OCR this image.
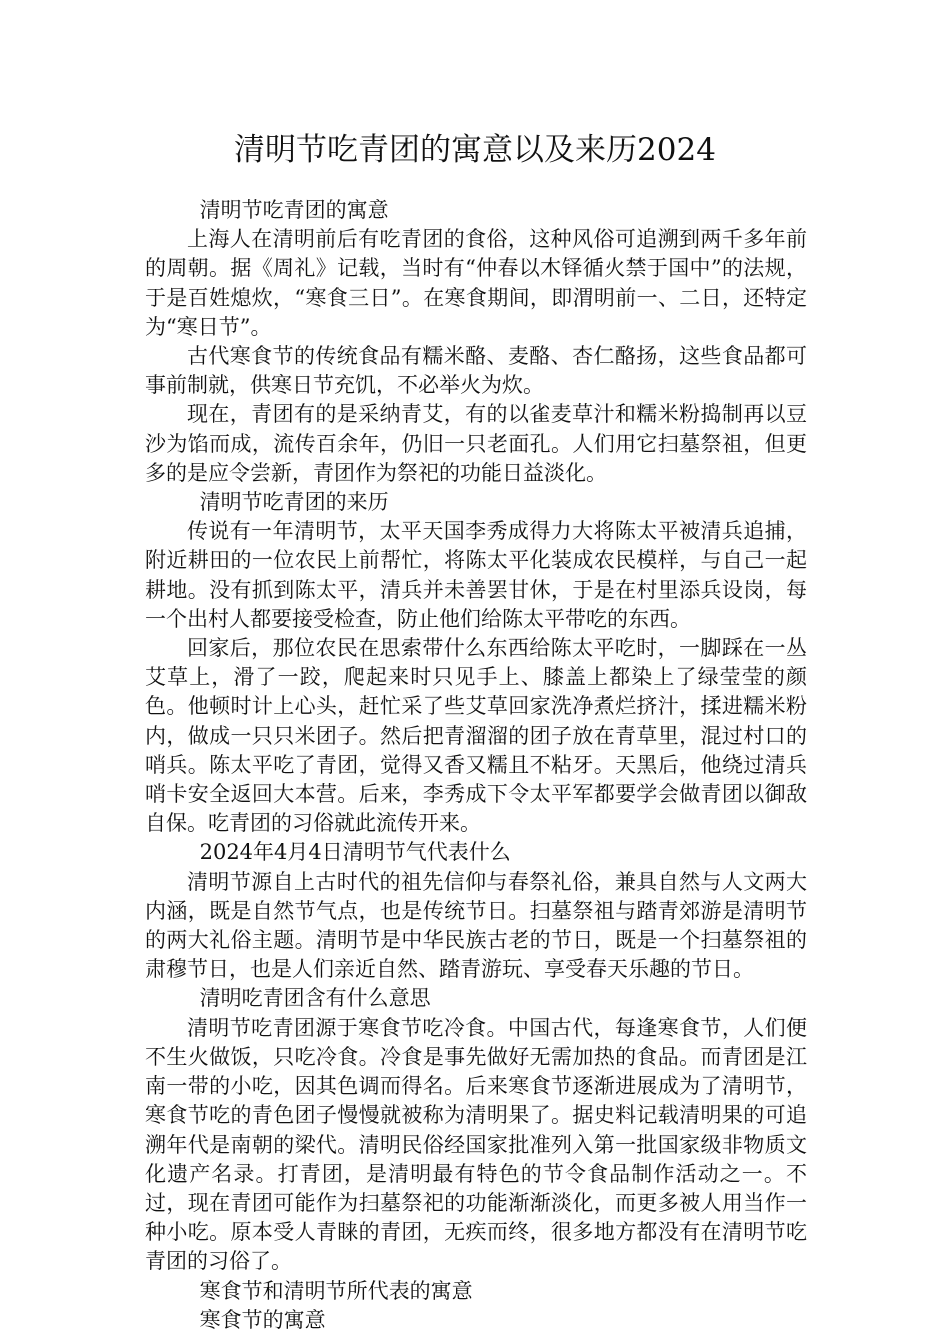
清明节吃青团的寓意以及来历2024

清明节吃青团的寓意

上海人在清明前后有吃青团的食俗，这种风俗可追溯到两千多年前的周朝。据《周礼》记载，当时有“仲春以木铎循火禁于国中”的法规，于是百姓熄炊，“寒食三日”。在寒食期间，即渭明前一、二日，还特定为“寒日节”。

古代寒食节的传统食品有糯米酪、麦酪、杏仁酪扬，这些食品都可事前制就，供寒日节充饥，不必举火为炊。

现在，青团有的是采纳青艾，有的以雀麦草汁和糯米粉捣制再以豆沙为馅而成，流传百余年，仍旧一只老面孔。人们用它扫墓祭祖，但更多的是应令尝新，青团作为祭祀的功能日益淡化。

清明节吃青团的来历

传说有一年清明节，太平天国李秀成得力大将陈太平被清兵追捕，附近耕田的一位农民上前帮忙，将陈太平化装成农民模样，与自己一起耕地。没有抓到陈太平，清兵并未善罢甘休，于是在村里添兵设岗，每一个出村人都要接受检查，防止他们给陈太平带吃的东西。

回家后，那位农民在思索带什么东西给陈太平吃时，一脚踩在一丛艾草上，滑了一跤，爬起来时只见手上、膝盖上都染上了绿莹莹的颜色。他顿时计上心头，赶忙采了些艾草回家洗净煮烂挤汁，揉进糯米粉内，做成一只只米团子。然后把青溜溜的团子放在青草里，混过村口的哨兵。陈太平吃了青团，觉得又香又糯且不粘牙。天黑后，他绕过清兵哨卡安全返回大本营。后来，李秀成下令太平军都要学会做青团以御敌自保。吃青团的习俗就此流传开来。

2024年4月4日清明节气代表什么

清明节源自上古时代的祖先信仰与春祭礼俗，兼具自然与人文两大内涵，既是自然节气点，也是传统节日。扫墓祭祖与踏青郊游是清明节的两大礼俗主题。清明节是中华民族古老的节日，既是一个扫墓祭祖的肃穆节日，也是人们亲近自然、踏青游玩、享受春天乐趣的节日。

清明吃青团含有什么意思

清明节吃青团源于寒食节吃冷食。中国古代，每逢寒食节，人们便不生火做饭，只吃冷食。冷食是事先做好无需加热的食品。而青团是江南一带的小吃，因其色调而得名。后来寒食节逐渐进展成为了清明节，寒食节吃的青色团子慢慢就被称为清明果了。据史料记载清明果的可追溯年代是南朝的梁代。清明民俗经国家批准列入第一批国家级非物质文化遗产名录。打青团，是清明最有特色的节令食品制作活动之一。不过，现在青团可能作为扫墓祭祀的功能渐渐淡化，而更多被人用当作一种小吃。原本受人青睐的青团，无疾而终，很多地方都没有在清明节吃青团的习俗了。

寒食节和清明节所代表的寓意

寒食节的寓意
